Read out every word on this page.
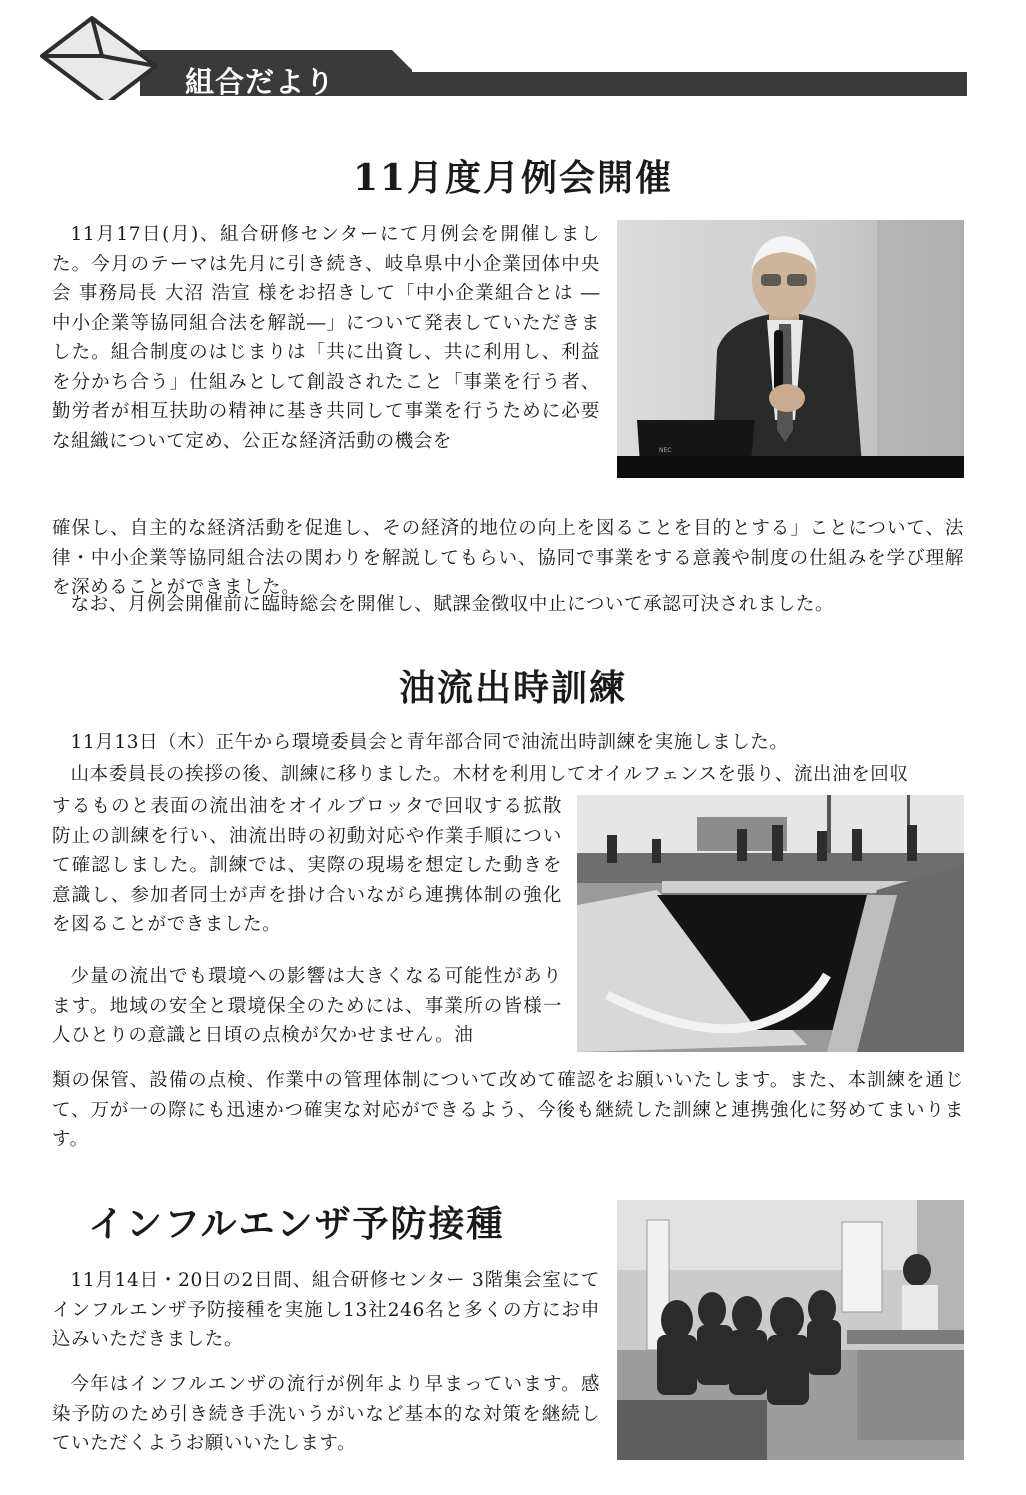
組合だより
11月度月例会開催
NEC

11月17日(月)、組合研修センターにて月例会を開催しました。今月のテーマは先月に引き続き、岐阜県中小企業団体中央会 事務局長 大沼 浩宣 様をお招きして「中小企業組合とは ―中小企業等協同組合法を解説―」について発表していただきました。組合制度のはじまりは「共に出資し、共に利用し、利益を分かち合う」仕組みとして創設されたこと「事業を行う者、勤労者が相互扶助の精神に基き共同して事業を行うために必要な組織について定め、公正な経済活動の機会を

確保し、自主的な経済活動を促進し、その経済的地位の向上を図ることを目的とする」ことについて、法律・中小企業等協同組合法の関わりを解説してもらい、協同で事業をする意義や制度の仕組みを学び理解を深めることができました。

なお、月例会開催前に臨時総会を開催し、賦課金徴収中止について承認可決されました。

油流出時訓練

11月13日（木）正午から環境委員会と青年部合同で油流出時訓練を実施しました。

山本委員長の挨拶の後、訓練に移りました。木材を利用してオイルフェンスを張り、流出油を回収

するものと表面の流出油をオイルブロッタで回収する拡散防止の訓練を行い、油流出時の初動対応や作業手順について確認しました。訓練では、実際の現場を想定した動きを意識し、参加者同士が声を掛け合いながら連携体制の強化を図ることができました。

少量の流出でも環境への影響は大きくなる可能性があります。地域の安全と環境保全のためには、事業所の皆様一人ひとりの意識と日頃の点検が欠かせません。油

類の保管、設備の点検、作業中の管理体制について改めて確認をお願いいたします。また、本訓練を通じて、万が一の際にも迅速かつ確実な対応ができるよう、今後も継続した訓練と連携強化に努めてまいります。

インフルエンザ予防接種

11月14日・20日の2日間、組合研修センター 3階集会室にてインフルエンザ予防接種を実施し13社246名と多くの方にお申込みいただきました。

今年はインフルエンザの流行が例年より早まっています。感染予防のため引き続き手洗いうがいなど基本的な対策を継続していただくようお願いいたします。
